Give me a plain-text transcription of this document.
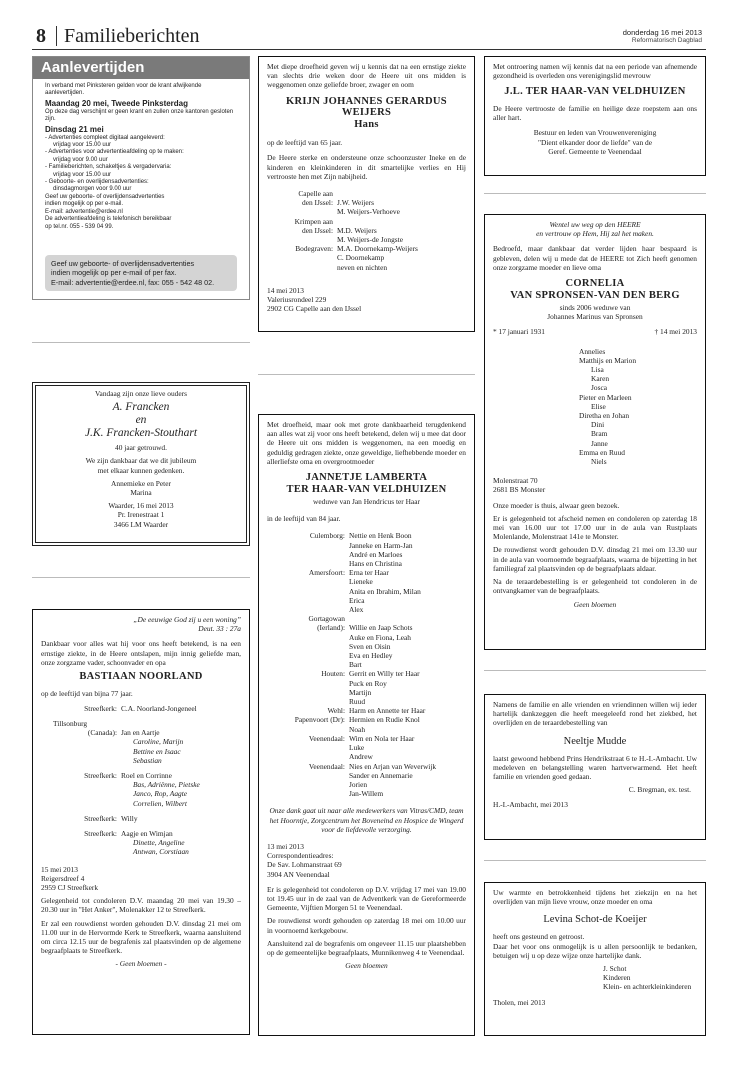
8 Familieberichten	donderdag 16 mei 2013
Reformatorisch Dagblad
Aanlevertijden
In verband met Pinksteren gelden voor de krant afwijkende aanlevertijden.
Maandag 20 mei, Tweede Pinksterdag
Op deze dag verschijnt er geen krant en zullen onze kantoren gesloten zijn.
Dinsdag 21 mei
- Advertenties compleet digitaal aangeleverd:
vrijdag voor 15.00 uur
- Advertenties voor advertentieafdeling op te maken:
vrijdag voor 9.00 uur
- Familieberichten, schakeltjes & vergadervaria:
vrijdag voor 15.00 uur
- Geboorte- en overlijdensadvertenties:
dinsdagmorgen voor 9.00 uur
Geef uw geboorte- of overlijdensadvertenties
indien mogelijk op per e-mail.
E-mail: advertentie@erdee.nl
De advertentieafdeling is telefonisch bereikbaar
op tel.nr. 055 - 539 04 99.
Geef uw geboorte- of overlijdensadvertenties
indien mogelijk op per e-mail of per fax.
E-mail: advertentie@erdee.nl, fax: 055 - 542 48 02.
Vandaag zijn onze lieve ouders
A. Francken
en
J.K. Francken-Stouthart
40 jaar getrouwd.
We zijn dankbaar dat we dit jubileum
met elkaar kunnen gedenken.
Annemieke en Peter
Marina
Waarder, 16 mei 2013
Pr. Irenestraat 1
3466 LM Waarder
„De eeuwige God zij u een woning”
Deut. 33 : 27a

Dankbaar voor alles wat hij voor ons heeft betekend, is na een ernstige ziekte, in de Heere ontslapen, mijn innig geliefde man, onze zorgzame vader, schoonvader en opa

BASTIAAN NOORLAND
op de leeftijd van bijna 77 jaar.
Streefkerk: C.A. Noorland-Jongeneel
Tillsonburg
(Canada): Jan en Aartje
Caroline, Marijn
Bettine en Isaac
Sebastian
Streefkerk: Roel en Corrinne
Bas, Adriënne, Pietske
Janco, Rop, Aagte
Correlien, Wilbert
Streefkerk: Willy
Streefkerk: Aagje en Wimjan
Dinette, Angeline
Antwan, Corstiaan
15 mei 2013
Reigersdreef 4
2959 CJ Streefkerk

Gelegenheid tot condoleren D.V. maandag 20 mei van 19.30 – 20.30 uur in "Het Anker", Molenakker 12 te Streefkerk.

Er zal een rouwdienst worden gehouden D.V. dinsdag 21 mei om 11.00 uur in de Hervormde Kerk te Streefkerk, waarna aansluitend om circa 12.15 uur de begrafenis zal plaatsvinden op de algemene begraafplaats te Streefkerk.

- Geen bloemen -

Met diepe droefheid geven wij u kennis dat na een ernstige ziekte van slechts drie weken door de Heere uit ons midden is weggenomen onze geliefde broer, zwager en oom

KRIJN JOHANNES GERARDUS
WEIJERS
Hans
op de leeftijd van 65 jaar.

De Heere sterke en ondersteune onze schoonzuster Ineke en de kinderen en kleinkinderen in dit smartelijke verlies en Hij vertrooste hen met Zijn nabijheid.

Capelle aan
den IJssel: J.W. Weijers
M. Weijers-Verhoeve
Krimpen aan
den IJssel: M.D. Weijers
M. Weijers-de Jongste
Bodegraven: M.A. Doornekamp-Weijers
C. Doornekamp
neven en nichten
14 mei 2013
Valeriusrondeel 229
2902 CG Capelle aan den IJssel

Met droefheid, maar ook met grote dankbaarheid terugdenkend aan alles wat zij voor ons heeft betekend, delen wij u mee dat door de Heere uit ons midden is weggenomen, na een moedig en geduldig gedragen ziekte, onze geweldige, liefhebbende moeder en allerliefste oma en overgrootmoeder

JANNETJE LAMBERTA
TER HAAR-VAN VELDHUIZEN
weduwe van Jan Hendricus ter Haar
in de leeftijd van 84 jaar.
Culemborg: Nettie en Henk Boon
Janneke en Harm-Jan
André en Marloes
Hans en Christina
Amersfoort: Erna ter Haar
Lieneke
Anita en Ibrahim, Milan
Erica
Alex
Gortagowan
(Ierland): Willie en Jaap Schots
Auke en Fiona, Leah
Sven en Oisin
Eva en Hedley
Bart
Houten: Gerrit en Willy ter Haar
Puck en Roy
Martijn
Ruud
Wehl: Harm en Annette ter Haar
Papenvoort (Dr): Hermien en Rudie Knol
Noah
Veenendaal: Wim en Nola ter Haar
Luke
Andrew
Veenendaal: Nies en Arjan van Weverwijk
Sander en Annemarie
Jorien
Jan-Willem

Onze dank gaat uit naar alle medewerkers van Vitras/CMD, team het Hoorntje, Zorgcentrum het Boveneind en Hospice de Wingerd voor de liefdevolle verzorging.

13 mei 2013
Correspondentieadres:
De Sav. Lohmanstraat 69
3904 AN Veenendaal

Er is gelegenheid tot condoleren op D.V. vrijdag 17 mei van 19.00 tot 19.45 uur in de zaal van de Adventkerk van de Gereformeerde Gemeente, Vijftien Morgen 51 te Veenendaal.

De rouwdienst wordt gehouden op zaterdag 18 mei om 10.00 uur in voornoemd kerkgebouw.

Aansluitend zal de begrafenis om ongeveer 11.15 uur plaatshebben op de gemeentelijke begraafplaats, Munnikenweg 4 te Veenendaal.

Geen bloemen

Met ontroering namen wij kennis dat na een periode van afnemende gezondheid is overleden ons verenigingslid mevrouw

J.L. TER HAAR-VAN VELDHUIZEN

De Heere vertrooste de familie en heilige deze roepstem aan ons aller hart.

Bestuur en leden van Vrouwenvereniging
"Dient elkander door de liefde" van de
Geref. Gemeente te Veenendaal
Wentel uw weg op den HEERE
en vertrouw op Hem, Hij zal het maken.

Bedroefd, maar dankbaar dat verder lijden haar bespaard is gebleven, delen wij u mede dat de HEERE tot Zich heeft genomen onze zorgzame moeder en lieve oma

CORNELIA
VAN SPRONSEN-VAN DEN BERG
sinds 2006 weduwe van
Johannes Marinus van Spronsen
* 17 januari 1931	† 14 mei 2013
Annelies
Matthijs en Marion
Lisa
Karen
Josca
Pieter en Marleen
Elise
Diretha en Johan
Dini
Bram
Janne
Emma en Ruud
Niels
Molenstraat 70
2681 BS Monster

Onze moeder is thuis, alwaar geen bezoek.

Er is gelegenheid tot afscheid nemen en condoleren op zaterdag 18 mei van 16.00 uur tot 17.00 uur in de aula van Rustplaats Molenlande, Molenstraat 141e te Monster.

De rouwdienst wordt gehouden D.V. dinsdag 21 mei om 13.30 uur in de aula van voornoemde begraafplaats, waarna de bijzetting in het familiegraf zal plaatsvinden op de begraafplaats aldaar.

Na de teraardebestelling is er gelegenheid tot condoleren in de ontvangkamer van de begraafplaats.

Geen bloemen

Namens de familie en alle vrienden en vriendinnen willen wij ieder hartelijk dankzeggen die heeft meegeleefd rond het ziekbed, het overlijden en de teraardebestelling van

Neeltje Mudde

laatst gewoond hebbend Prins Hendrikstraat 6 te H.-I.-Ambacht. Uw medeleven en belangstelling waren hartverwarmend. Het heeft familie en vrienden goed gedaan.

C. Bregman, ex. test.
H.-I.-Ambacht, mei 2013

Uw warmte en betrokkenheid tijdens het ziekzijn en na het overlijden van mijn lieve vrouw, onze moeder en oma

Levina Schot-de Koeijer
heeft ons gesteund en getroost.

Daar het voor ons onmogelijk is u allen persoonlijk te bedanken, betuigen wij u op deze wijze onze hartelijke dank.

J. Schot
Kinderen
Klein- en achterkleinkinderen
Tholen, mei 2013
